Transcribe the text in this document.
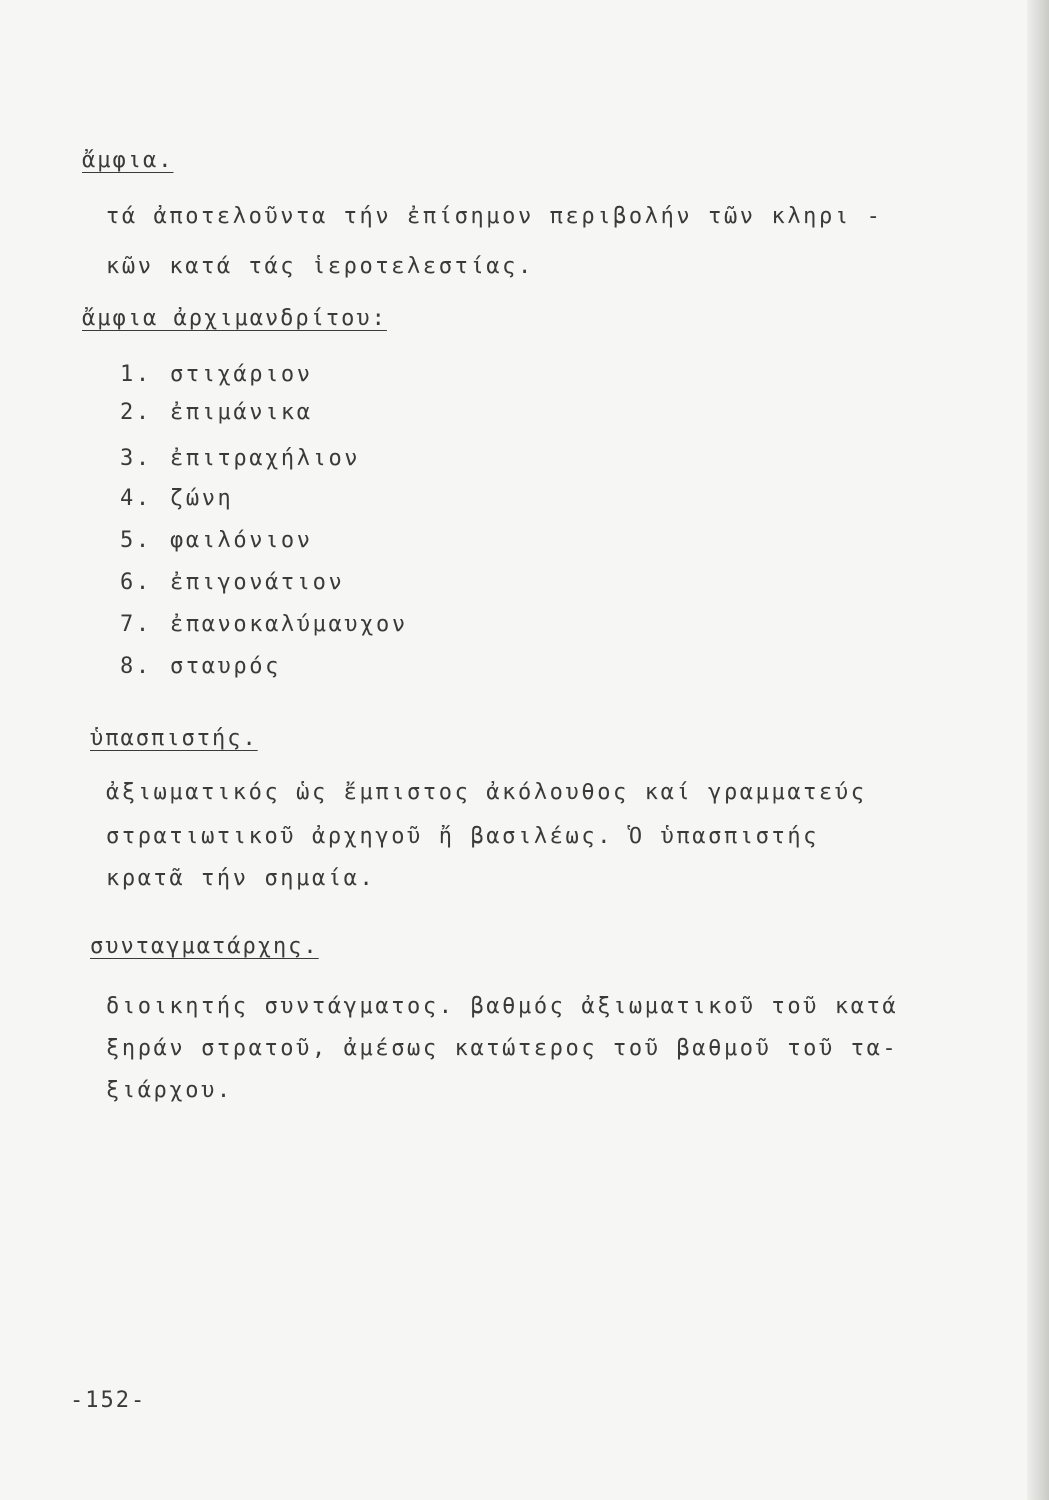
ἄμφια.
τά ἀποτελοῦντα τήν ἐπίσημον περιβολήν τῶν κληρι -
κῶν κατά τάς ἱεροτελεστίας.
ἄμφια ἀρχιμανδρίτου:
1. στιχάριον
2. ἐπιμάνικα
3. ἐπιτραχήλιον
4. ζώνη
5. φαιλόνιον
6. ἐπιγονάτιον
7. ἐπανοκαλύμαυχον
8. σταυρός
ὑπασπιστής.
ἀξιωματικός ὡς ἔμπιστος ἀκόλουθος καί γραμματεύς
στρατιωτικοῦ ἀρχηγοῦ ἤ βασιλέως. Ὁ ὑπασπιστής
κρατᾶ τήν σημαία.
συνταγματάρχης.
διοικητής συντάγματος. βαθμός ἀξιωματικοῦ τοῦ κατά
ξηράν στρατοῦ, ἀμέσως κατώτερος τοῦ βαθμοῦ τοῦ τα-
ξιάρχου.
-152-
